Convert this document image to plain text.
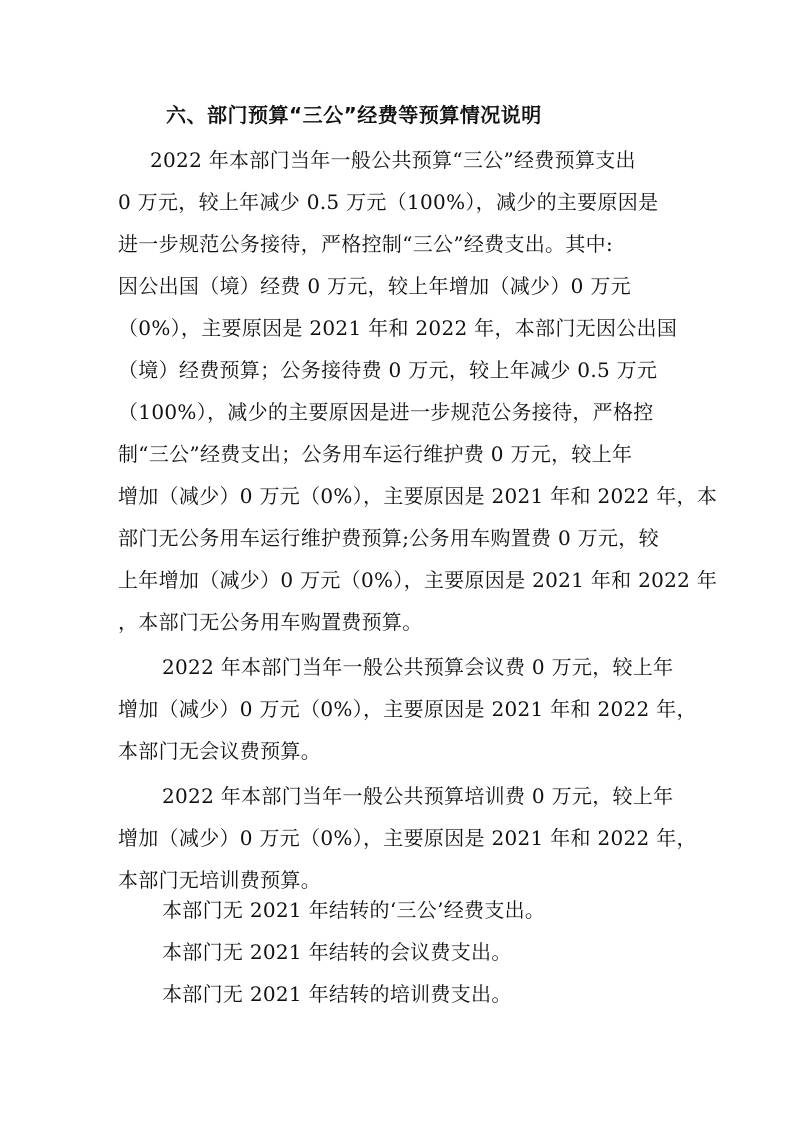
六、部门预算“三公”经费等预算情况说明
2022 年本部门当年一般公共预算“三公”经费预算支出
0 万元，较上年减少 0.5 万元（100%），减少的主要原因是
进一步规范公务接待，严格控制“三公”经费支出。其中:
因公出国（境）经费 0 万元，较上年增加（减少）0 万元
（0%），主要原因是 2021 年和 2022 年，本部门无因公出国
（境）经费预算；公务接待费 0 万元，较上年减少 0.5 万元
（100%），减少的主要原因是进一步规范公务接待，严格控
制“三公”经费支出；公务用车运行维护费 0 万元，较上年
增加（减少）0 万元（0%），主要原因是 2021 年和 2022 年，本
部门无公务用车运行维护费预算;公务用车购置费 0 万元，较
上年增加（减少）0 万元（0%），主要原因是 2021 年和 2022 年
，本部门无公务用车购置费预算。
2022 年本部门当年一般公共预算会议费 0 万元，较上年
增加（减少）0 万元（0%），主要原因是 2021 年和 2022 年，
本部门无会议费预算。
2022 年本部门当年一般公共预算培训费 0 万元，较上年
增加（减少）0 万元（0%），主要原因是 2021 年和 2022 年，
本部门无培训费预算。
本部门无 2021 年结转的‘三公’经费支出。
本部门无 2021 年结转的会议费支出。
本部门无 2021 年结转的培训费支出。
